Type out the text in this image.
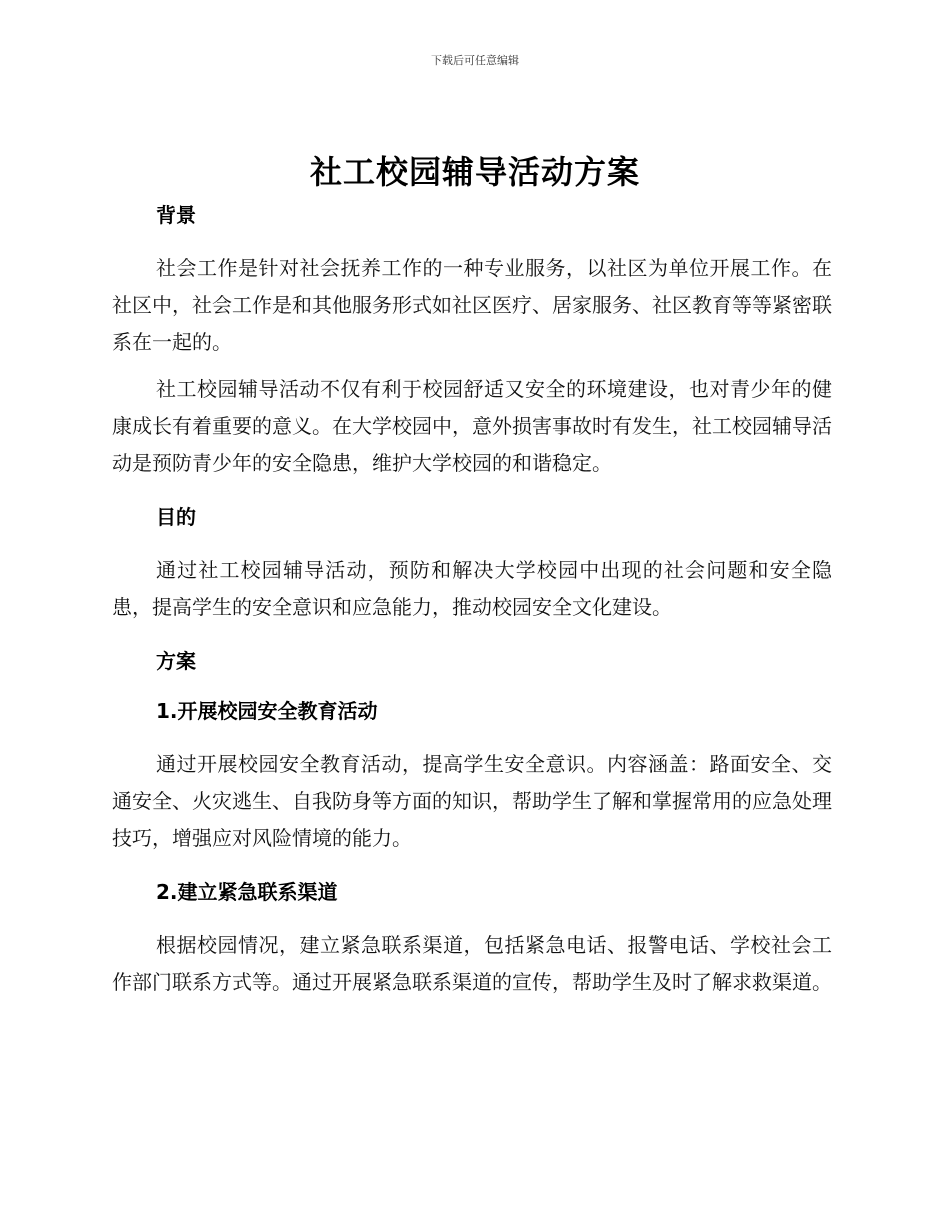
下载后可任意编辑
社工校园辅导活动方案
背景

社会工作是针对社会抚养工作的一种专业服务，以社区为单位开展工作。在社区中，社会工作是和其他服务形式如社区医疗、居家服务、社区教育等等紧密联系在一起的。

社工校园辅导活动不仅有利于校园舒适又安全的环境建设，也对青少年的健康成长有着重要的意义。在大学校园中，意外损害事故时有发生，社工校园辅导活动是预防青少年的安全隐患，维护大学校园的和谐稳定。

目的

通过社工校园辅导活动，预防和解决大学校园中出现的社会问题和安全隐患，提高学生的安全意识和应急能力，推动校园安全文化建设。

方案
1.开展校园安全教育活动

通过开展校园安全教育活动，提高学生安全意识。内容涵盖：路面安全、交通安全、火灾逃生、自我防身等方面的知识，帮助学生了解和掌握常用的应急处理技巧，增强应对风险情境的能力。

2.建立紧急联系渠道

根据校园情况，建立紧急联系渠道，包括紧急电话、报警电话、学校社会工作部门联系方式等。通过开展紧急联系渠道的宣传，帮助学生及时了解求救渠道。
